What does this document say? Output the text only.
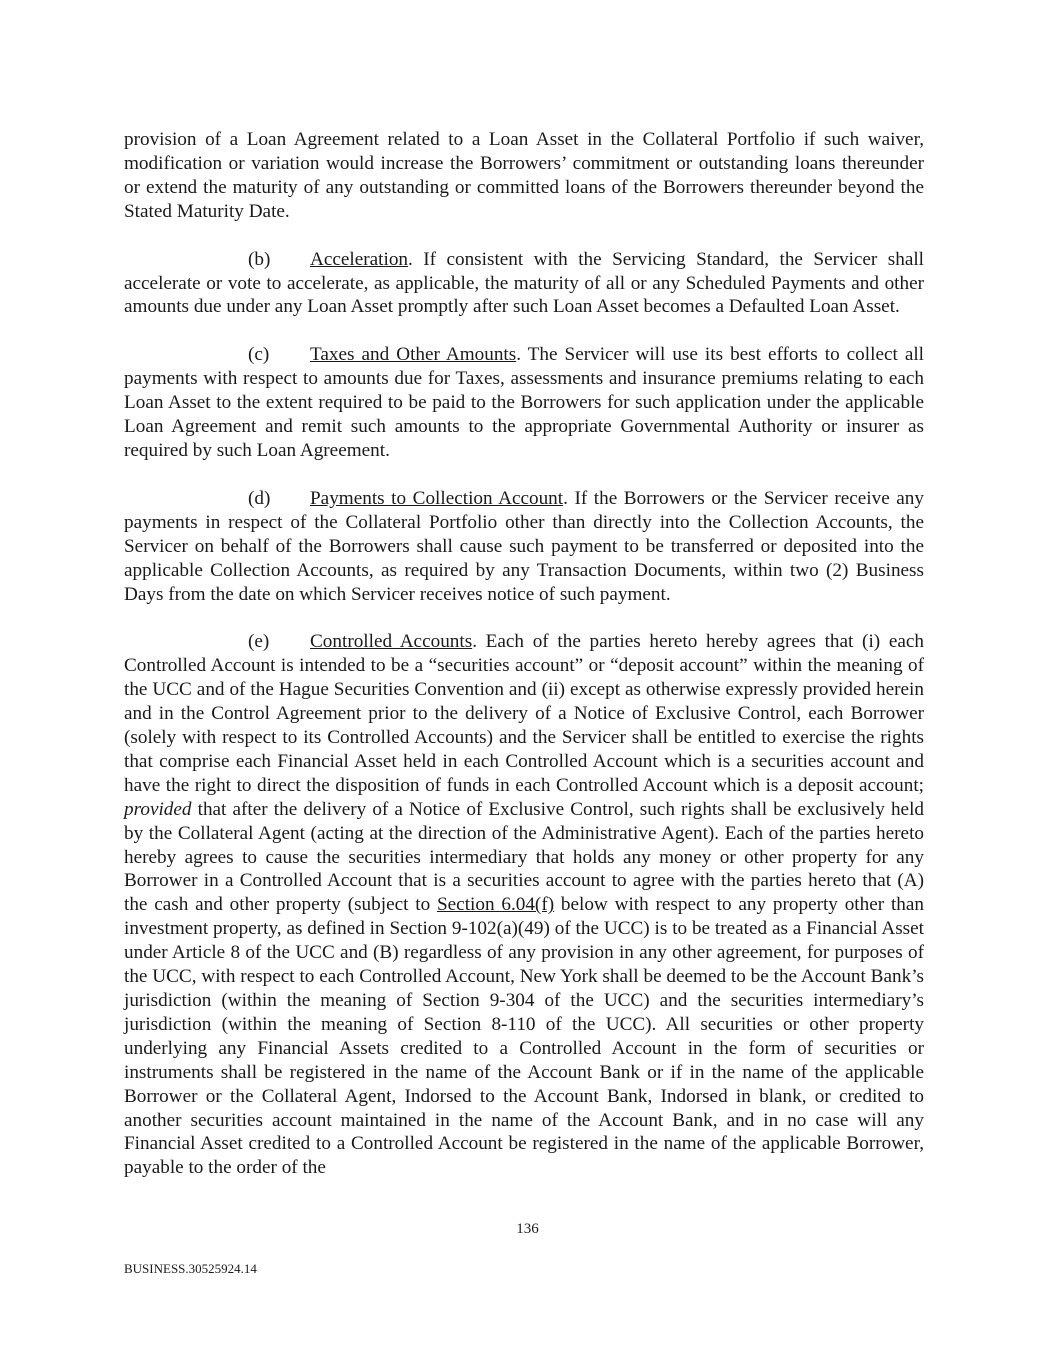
provision of a Loan Agreement related to a Loan Asset in the Collateral Portfolio if such waiver, modification or variation would increase the Borrowers’ commitment or outstanding loans thereunder or extend the maturity of any outstanding or committed loans of the Borrowers thereunder beyond the Stated Maturity Date.

(b) Acceleration. If consistent with the Servicing Standard, the Servicer shall accelerate or vote to accelerate, as applicable, the maturity of all or any Scheduled Payments and other amounts due under any Loan Asset promptly after such Loan Asset becomes a Defaulted Loan Asset.

(c) Taxes and Other Amounts. The Servicer will use its best efforts to collect all payments with respect to amounts due for Taxes, assessments and insurance premiums relating to each Loan Asset to the extent required to be paid to the Borrowers for such application under the applicable Loan Agreement and remit such amounts to the appropriate Governmental Authority or insurer as required by such Loan Agreement.

(d) Payments to Collection Account. If the Borrowers or the Servicer receive any payments in respect of the Collateral Portfolio other than directly into the Collection Accounts, the Servicer on behalf of the Borrowers shall cause such payment to be transferred or deposited into the applicable Collection Accounts, as required by any Transaction Documents, within two (2) Business Days from the date on which Servicer receives notice of such payment.

(e) Controlled Accounts. Each of the parties hereto hereby agrees that (i) each Controlled Account is intended to be a “securities account” or “deposit account” within the meaning of the UCC and of the Hague Securities Convention and (ii) except as otherwise expressly provided herein and in the Control Agreement prior to the delivery of a Notice of Exclusive Control, each Borrower (solely with respect to its Controlled Accounts) and the Servicer shall be entitled to exercise the rights that comprise each Financial Asset held in each Controlled Account which is a securities account and have the right to direct the disposition of funds in each Controlled Account which is a deposit account; provided that after the delivery of a Notice of Exclusive Control, such rights shall be exclusively held by the Collateral Agent (acting at the direction of the Administrative Agent). Each of the parties hereto hereby agrees to cause the securities intermediary that holds any money or other property for any Borrower in a Controlled Account that is a securities account to agree with the parties hereto that (A) the cash and other property (subject to Section 6.04(f) below with respect to any property other than investment property, as defined in Section 9-102(a)(49) of the UCC) is to be treated as a Financial Asset under Article 8 of the UCC and (B) regardless of any provision in any other agreement, for purposes of the UCC, with respect to each Controlled Account, New York shall be deemed to be the Account Bank’s jurisdiction (within the meaning of Section 9-304 of the UCC) and the securities intermediary’s jurisdiction (within the meaning of Section 8-110 of the UCC). All securities or other property underlying any Financial Assets credited to a Controlled Account in the form of securities or instruments shall be registered in the name of the Account Bank or if in the name of the applicable Borrower or the Collateral Agent, Indorsed to the Account Bank, Indorsed in blank, or credited to another securities account maintained in the name of the Account Bank, and in no case will any Financial Asset credited to a Controlled Account be registered in the name of the applicable Borrower, payable to the order of the

136
BUSINESS.30525924.14
